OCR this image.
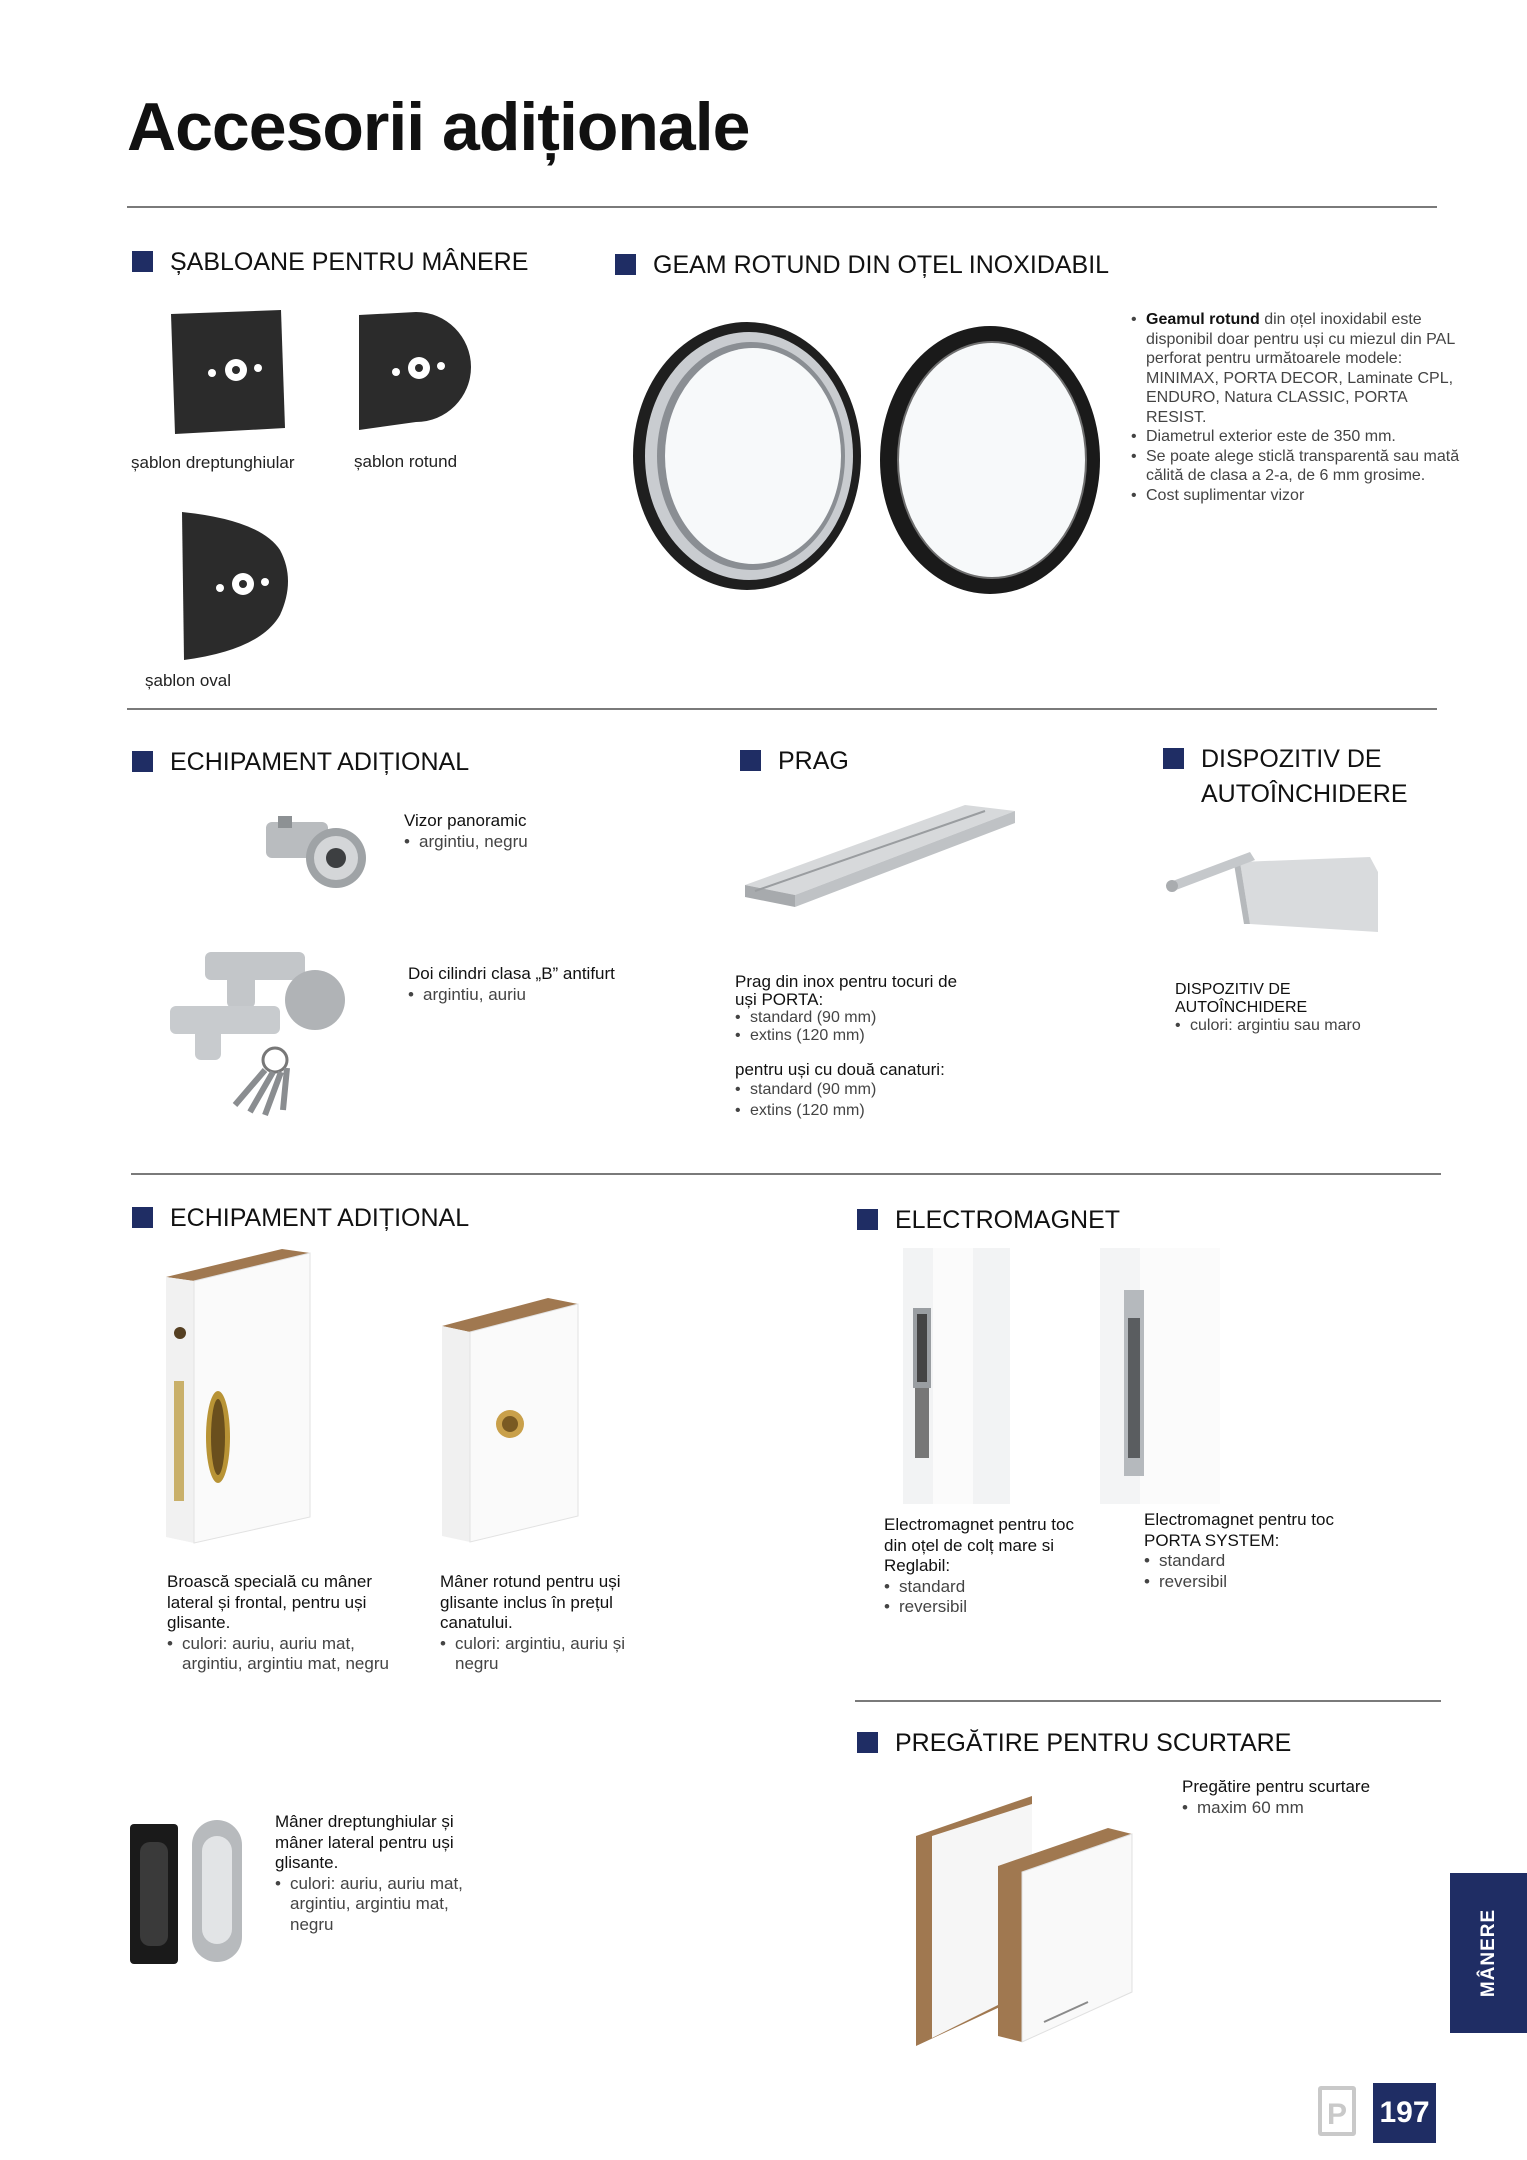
Accesorii adiționale
ȘABLOANE PENTRU MÂNERE
șablon dreptunghiular	șablon rotund
șablon oval
GEAM ROTUND DIN OȚEL INOXIDABIL
• Geamul rotund din oțel inoxidabil este disponibil doar pentru uși cu miezul din PAL perforat pentru următoarele modele: MINIMAX, PORTA DECOR, Laminate CPL, ENDURO, Natura CLASSIC, PORTA RESIST.
• Diametrul exterior este de 350 mm.
• Se poate alege sticlă transparentă sau mată călită de clasa a 2-a, de 6 mm grosime.
• Cost suplimentar vizor
ECHIPAMENT ADIȚIONAL
Vizor panoramic
• argintiu, negru
Doi cilindri clasa „B” antifurt
• argintiu, auriu
PRAG
Prag din inox pentru tocuri de uși PORTA:
• standard (90 mm)
• extins (120 mm)
pentru uși cu două canaturi:
• standard (90 mm)
• extins (120 mm)
DISPOZITIV DE AUTOÎNCHIDERE
DISPOZITIV DE AUTOÎNCHIDERE
• culori: argintiu sau maro
ECHIPAMENT ADIȚIONAL
Broască specială cu mâner lateral și frontal, pentru uși glisante.
• culori: auriu, auriu mat, argintiu, argintiu mat, negru
Mâner rotund pentru uși glisante inclus în prețul canatului.
• culori: argintiu, auriu și negru
Mâner dreptunghiular și mâner lateral pentru uși glisante.
• culori: auriu, auriu mat, argintiu, argintiu mat, negru
ELECTROMAGNET
Electromagnet pentru toc din oțel de colț mare si Reglabil:
• standard
• reversibil
Electromagnet pentru toc PORTA SYSTEM:
• standard
• reversibil
PREGĂTIRE PENTRU SCURTARE
Pregătire pentru scurtare
• maxim 60 mm
MÂNERE
P	197
